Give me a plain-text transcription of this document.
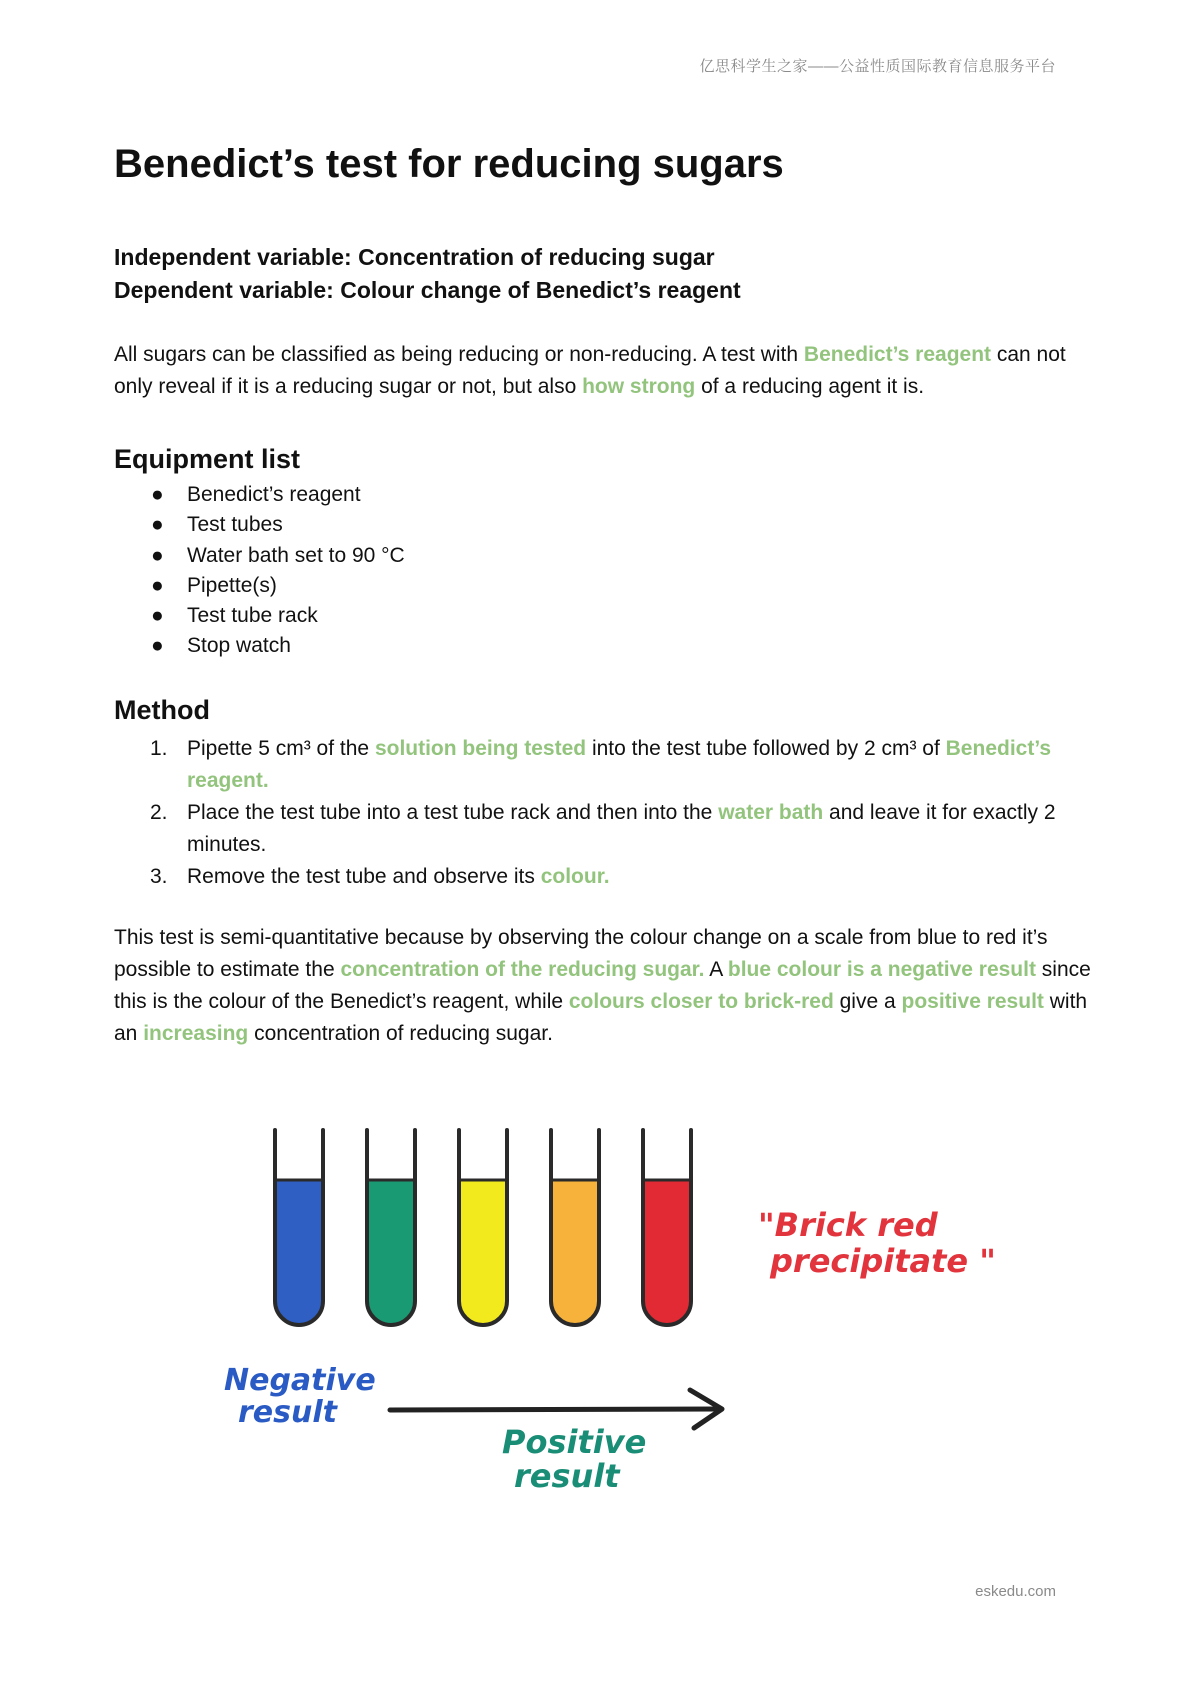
亿思科学生之家——公益性质国际教育信息服务平台
Benedict’s test for reducing sugars
Independent variable: Concentration of reducing sugar
Dependent variable: Colour change of Benedict’s reagent

All sugars can be classified as being reducing or non-reducing. A test with Benedict’s reagent can not only reveal if it is a reducing sugar or not, but also how strong of a reducing agent it is.

Equipment list
● Benedict’s reagent
● Test tubes
● Water bath set to 90 °C
● Pipette(s)
● Test tube rack
● Stop watch
Method
1. Pipette 5 cm³ of the solution being tested into the test tube followed by 2 cm³ of Benedict’s reagent.
2. Place the test tube into a test tube rack and then into the water bath and leave it for exactly 2 minutes.
3. Remove the test tube and observe its colour.

This test is semi-quantitative because by observing the colour change on a scale from blue to red it’s possible to estimate the concentration of the reducing sugar. A blue colour is a negative result since this is the colour of the Benedict’s reagent, while colours closer to brick-red give a positive result with an increasing concentration of reducing sugar.

Negative
result
Positive
result
"Brick red
precipitate "
eskedu.com
